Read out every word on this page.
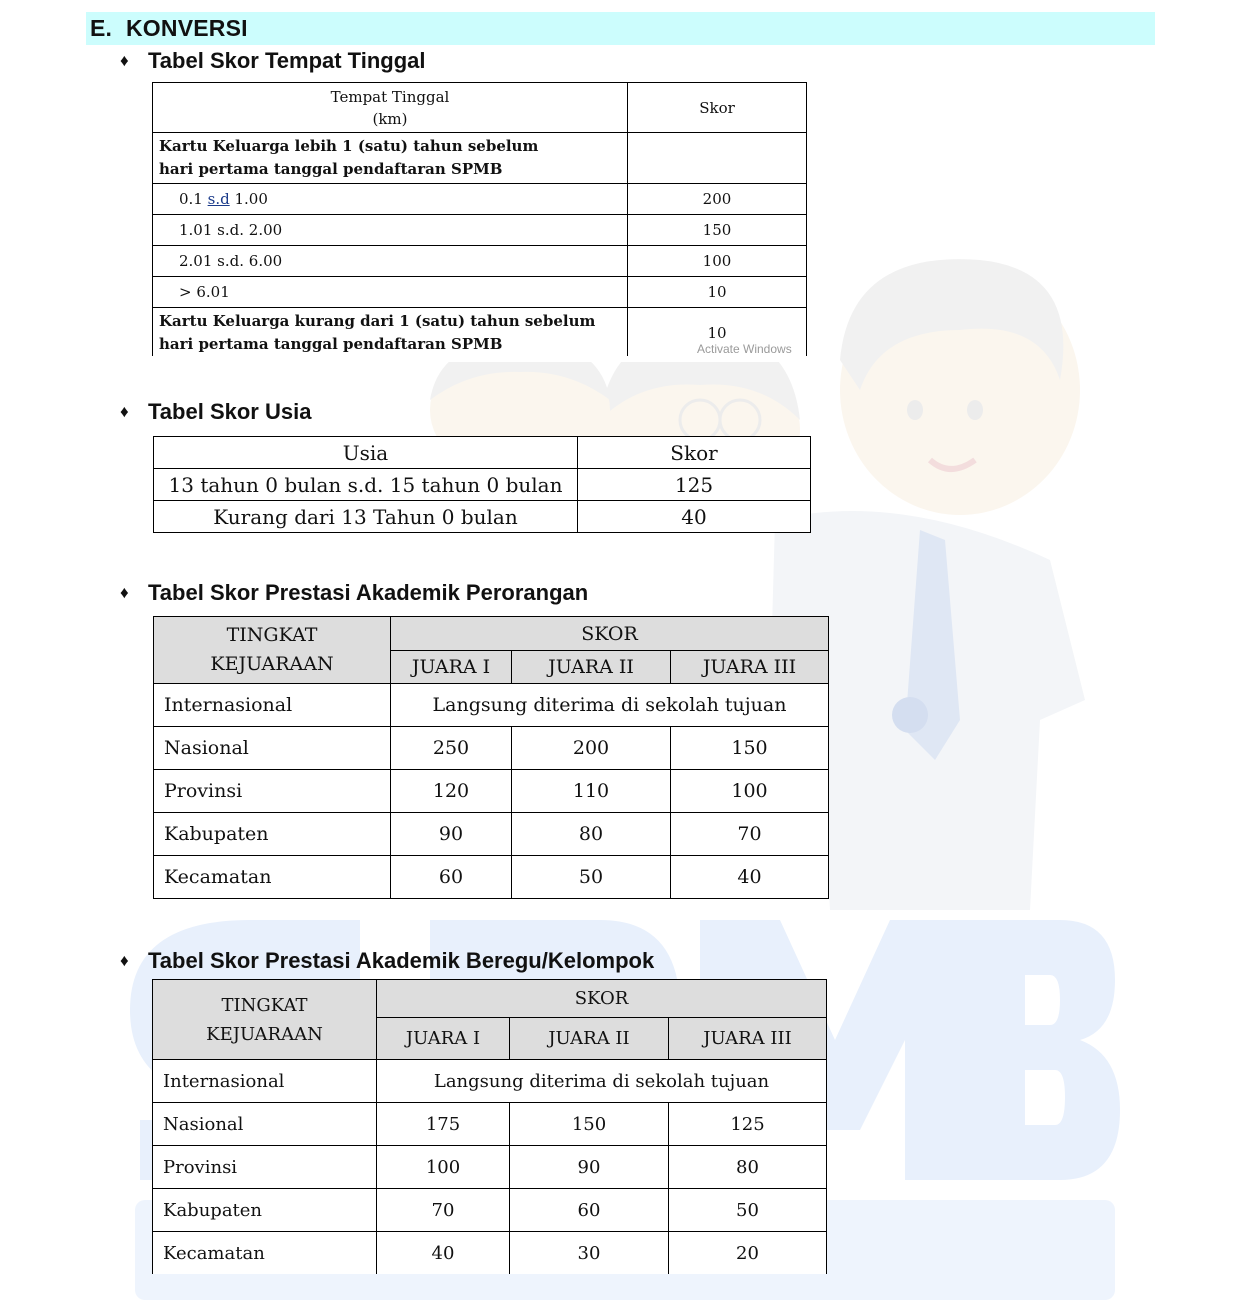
E. KONVERSI
♦ Tabel Skor Tempat Tinggal
Tempat Tinggal
(km)	Skor
Kartu Keluarga lebih 1 (satu) tahun sebelum
hari pertama tanggal pendaftaran SPMB	
0.1 s.d 1.00	200
1.01 s.d. 2.00	150
2.01 s.d. 6.00	100
> 6.01	10
Kartu Keluarga kurang dari 1 (satu) tahun sebelum
hari pertama tanggal pendaftaran SPMB	10
Activate Windows
♦ Tabel Skor Usia
Usia	Skor
13 tahun 0 bulan s.d. 15 tahun 0 bulan	125
Kurang dari 13 Tahun 0 bulan	40
♦ Tabel Skor Prestasi Akademik Perorangan
TINGKAT
KEJUARAAN	SKOR		
	JUARA I	JUARA II	JUARA III
Internasional	Langsung diterima di sekolah tujuan		
Nasional	250	200	150
Provinsi	120	110	100
Kabupaten	90	80	70
Kecamatan	60	50	40
♦ Tabel Skor Prestasi Akademik Beregu/Kelompok
TINGKAT
KEJUARAAN	SKOR		
	JUARA I	JUARA II	JUARA III
Internasional	Langsung diterima di sekolah tujuan		
Nasional	175	150	125
Provinsi	100	90	80
Kabupaten	70	60	50
Kecamatan	40	30	20
